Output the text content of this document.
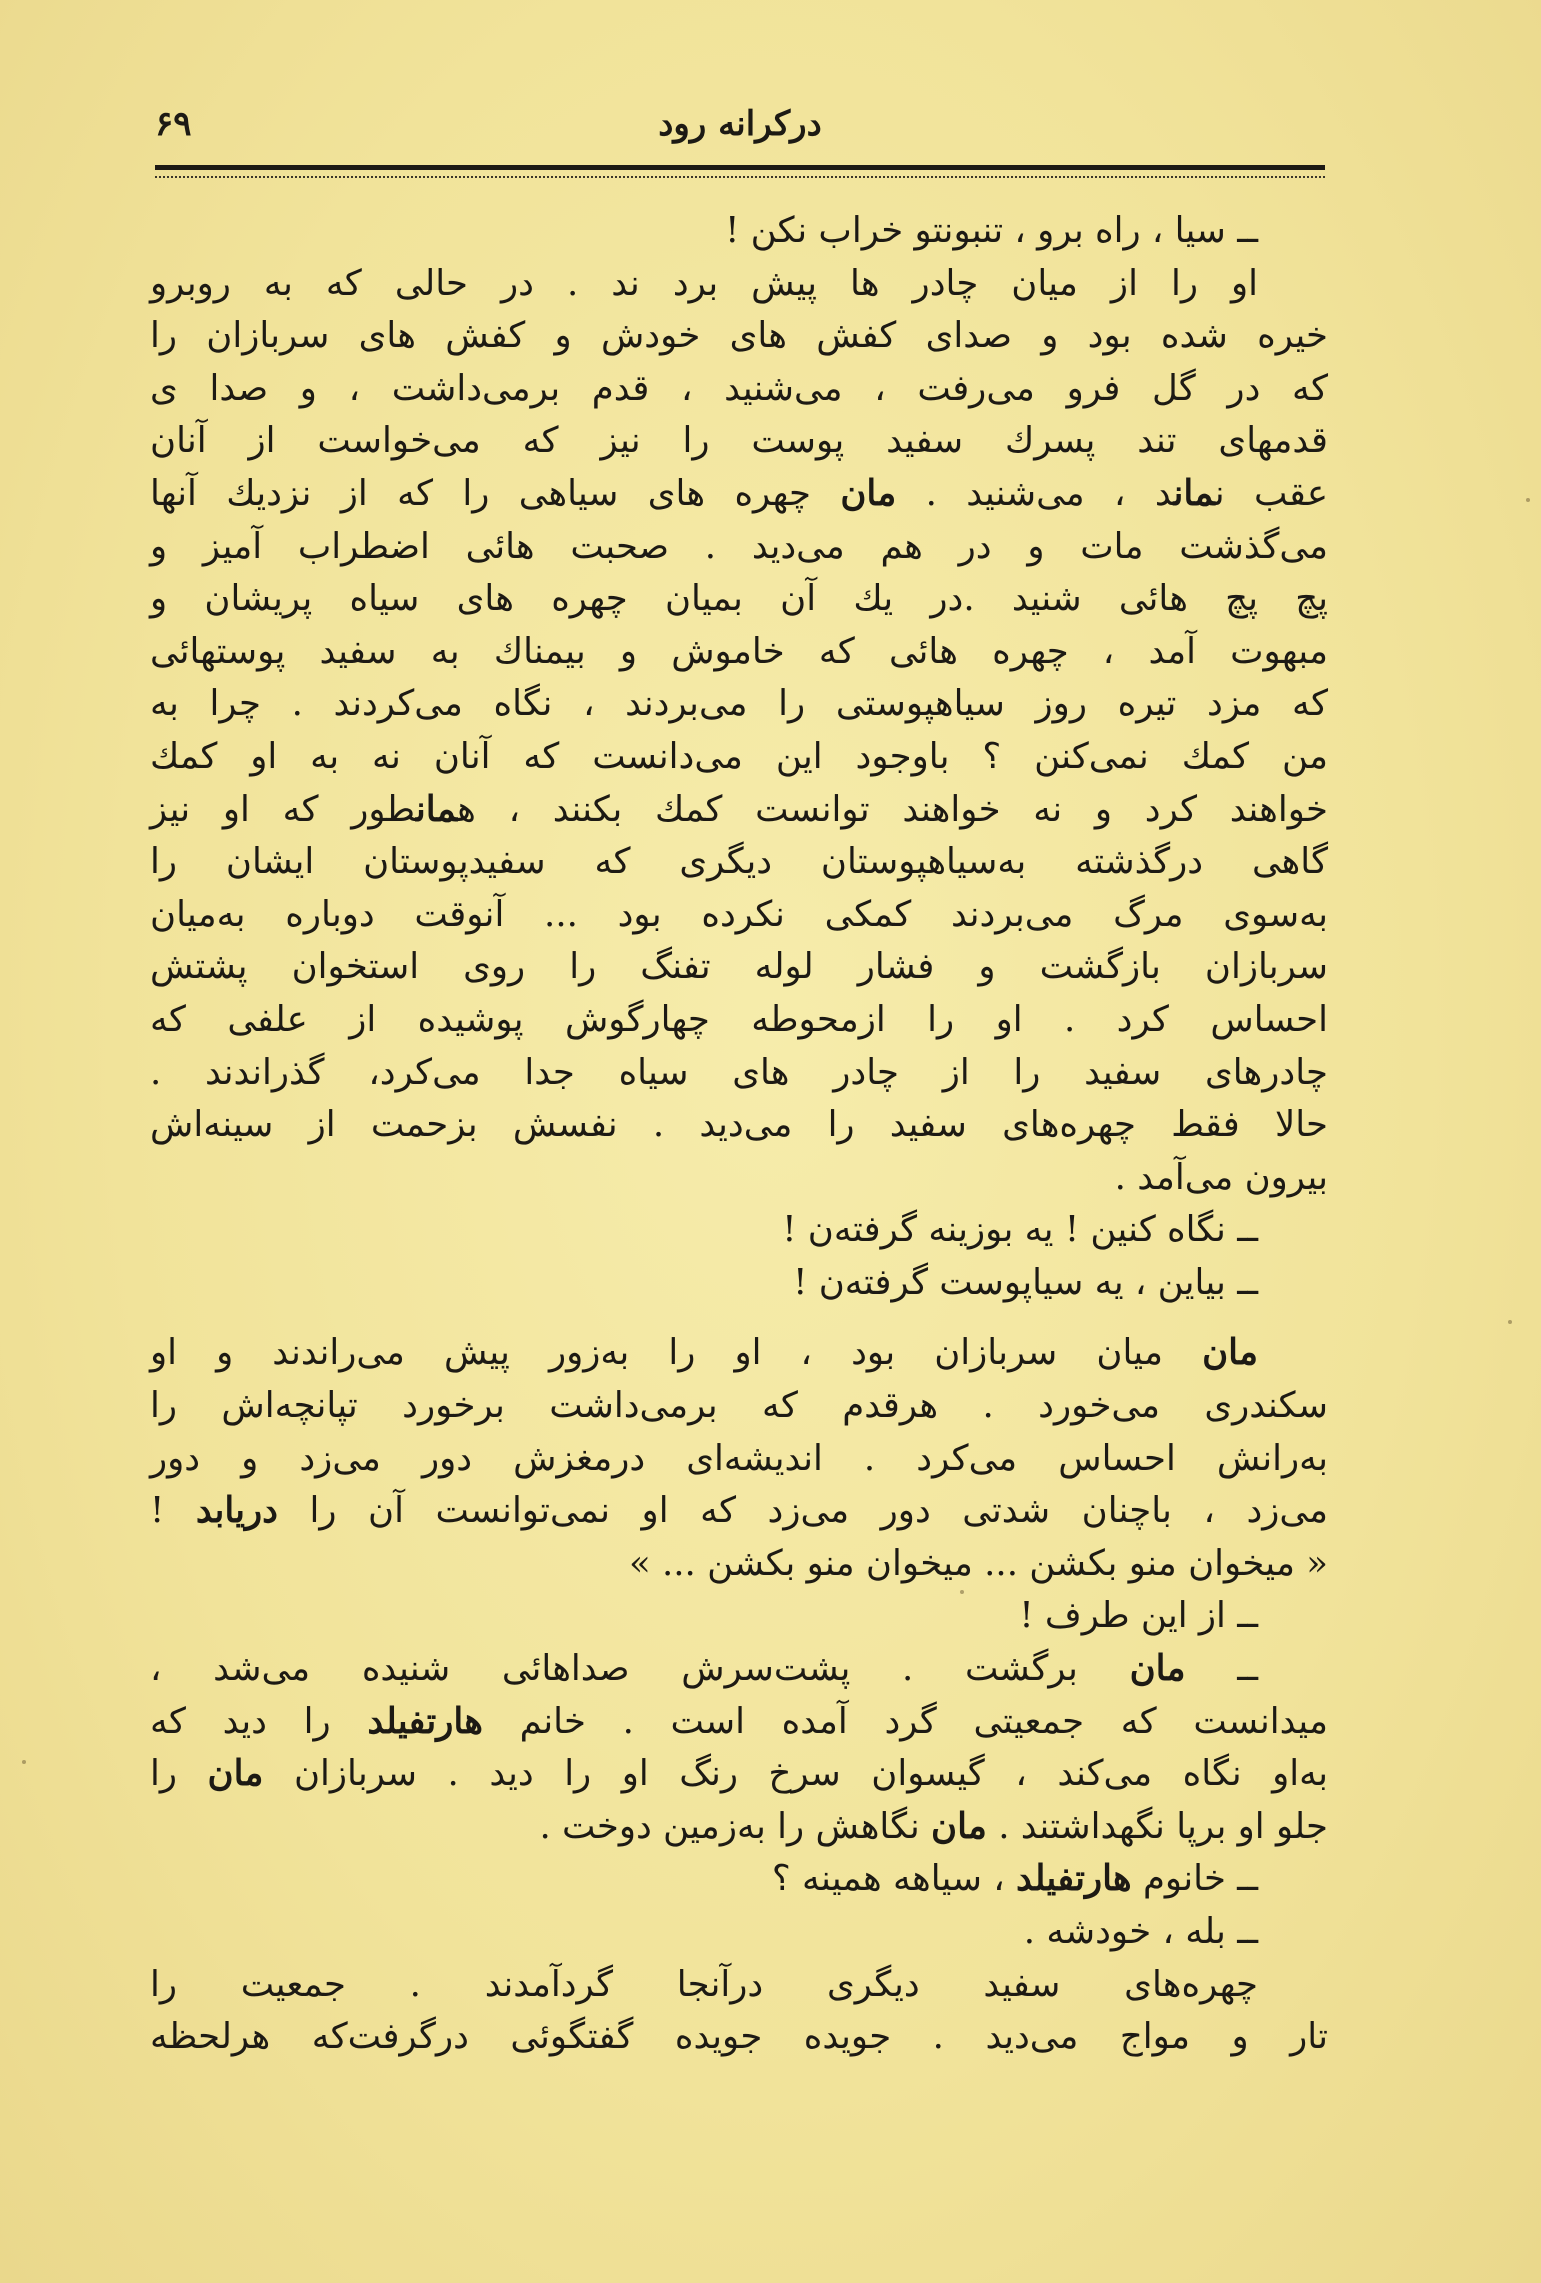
درکرانه رود
۶۹

ــ سیا ، راه برو ، تنبونتو خراب نکن !

او را از میان چادر ها پیش برد ند . در حالی که به روبرو

خیره شده بود و صدای کفش های خودش و کفش های سربازان را

که در گل فرو می‌رفت ، می‌شنید ، قدم برمی‌داشت ، و صدا ی

قدمهای تند پسرك سفید پوست را نیز که می‌خواست از آنان

عقب نماند ، می‌شنید . مان چهره های سیاهی را که از نزدیك آنها

می‌گذشت مات و در هم می‌دید . صحبت هائی اضطراب آمیز و

پچ پچ هائی شنید .در یك آن بمیان چهره های سیاه پریشان و

مبهوت آمد ، چهره هائی که خاموش و بیمناك به سفید پوستهائی

که مزد تیره روز سیاهپوستی را می‌بردند ، نگاه می‌کردند . چرا به

من کمك نمی‌کنن ؟ باوجود این می‌دانست که آنان نه به او کمك

خواهند کرد و نه خواهند توانست کمك بکنند ، همانطور که او نیز

گاهی درگذشته به‌سیاهپوستان دیگری که سفیدپوستان ایشان را

به‌سوی مرگ می‌بردند کمکی نکرده بود ... آنوقت دوباره به‌میان

سربازان بازگشت و فشار لوله تفنگ را روی استخوان پشتش

احساس کرد . او را ازمحوطه چهارگوش پوشیده از علفی که

چادرهای سفید را از چادر های سیاه جدا می‌کرد، گذراندند .

حالا فقط چهره‌های سفید را می‌دید . نفسش بزحمت از سینه‌اش

بیرون می‌آمد .

ــ نگاه کنین ! یه بوزینه گرفته‌ن !

ــ بیاین ، یه سیاپوست گرفته‌ن !

مان میان سربازان بود ، او را به‌زور پیش می‌راندند و او

سکندری می‌خورد . هرقدم که برمی‌داشت برخورد تپانچه‌اش را

به‌رانش احساس می‌کرد . اندیشه‌ای درمغزش دور می‌زد و دور

می‌زد ، باچنان شدتی دور می‌زد که او نمی‌توانست آن را دریابد !

« میخوان منو بکشن ... میخوان منو بکشن ... »

ــ از این طرف !

ــ مان برگشت . پشت‌سرش صداهائی شنیده می‌شد ،

میدانست که جمعیتی گرد آمده است . خانم هارتفیلد را دید که

به‌او نگاه می‌کند ، گیسوان سرخ رنگ او را دید . سربازان مان را

جلو او برپا نگهداشتند . مان نگاهش را به‌زمین دوخت .

ــ خانوم هارتفیلد ، سیاهه همینه ؟

ــ بله ، خودشه .

چهره‌های سفید دیگری درآنجا گردآمدند . جمعیت را

تار و مواج می‌دید . جویده جویده گفتگوئی درگرفت‌که هرلحظه
